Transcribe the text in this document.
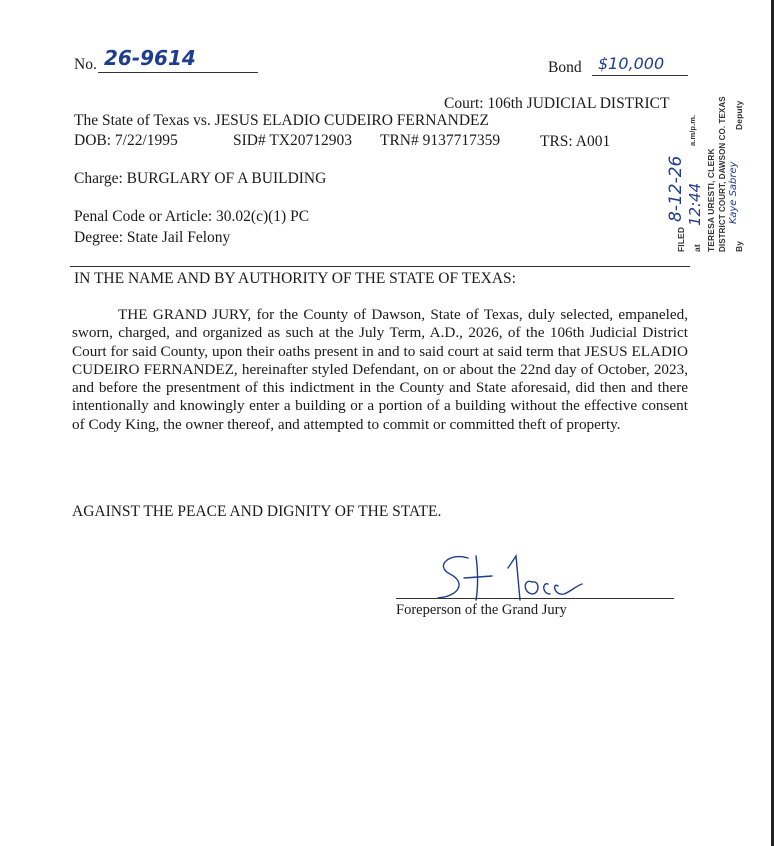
No. 26-9614	Bond $10,000
Court: 106th JUDICIAL DISTRICT
The State of Texas vs. JESUS ELADIO CUDEIRO FERNANDEZ
DOB: 7/22/1995	SID# TX20712903 TRN# 9137717359	TRS: A001
Charge: BURGLARY OF A BUILDING
Penal Code or Article: 30.02(c)(1) PC
Degree: State Jail Felony	FILED
8-12-26
at
12:44
a.m/p.m.
TERESA URESTI, CLERK DISTRICT COURT, DAWSON CO. TEXAS By
Kaye Sabrey
Deputy
IN THE NAME AND BY AUTHORITY OF THE STATE OF TEXAS:
THE GRAND JURY, for the County of Dawson, State of Texas, duly selected, empaneled, sworn, charged, and organized as such at the July Term, A.D., 2026, of the 106th Judicial District Court for said County, upon their oaths present in and to said court at said term that JESUS ELADIO CUDEIRO FERNANDEZ, hereinafter styled Defendant, on or about the 22nd day of October, 2023, and before the presentment of this indictment in the County and State aforesaid, did then and there intentionally and knowingly enter a building or a portion of a building without the effective consent of Cody King, the owner thereof, and attempted to commit or committed theft of property.
AGAINST THE PEACE AND DIGNITY OF THE STATE.
Foreperson of the Grand Jury
